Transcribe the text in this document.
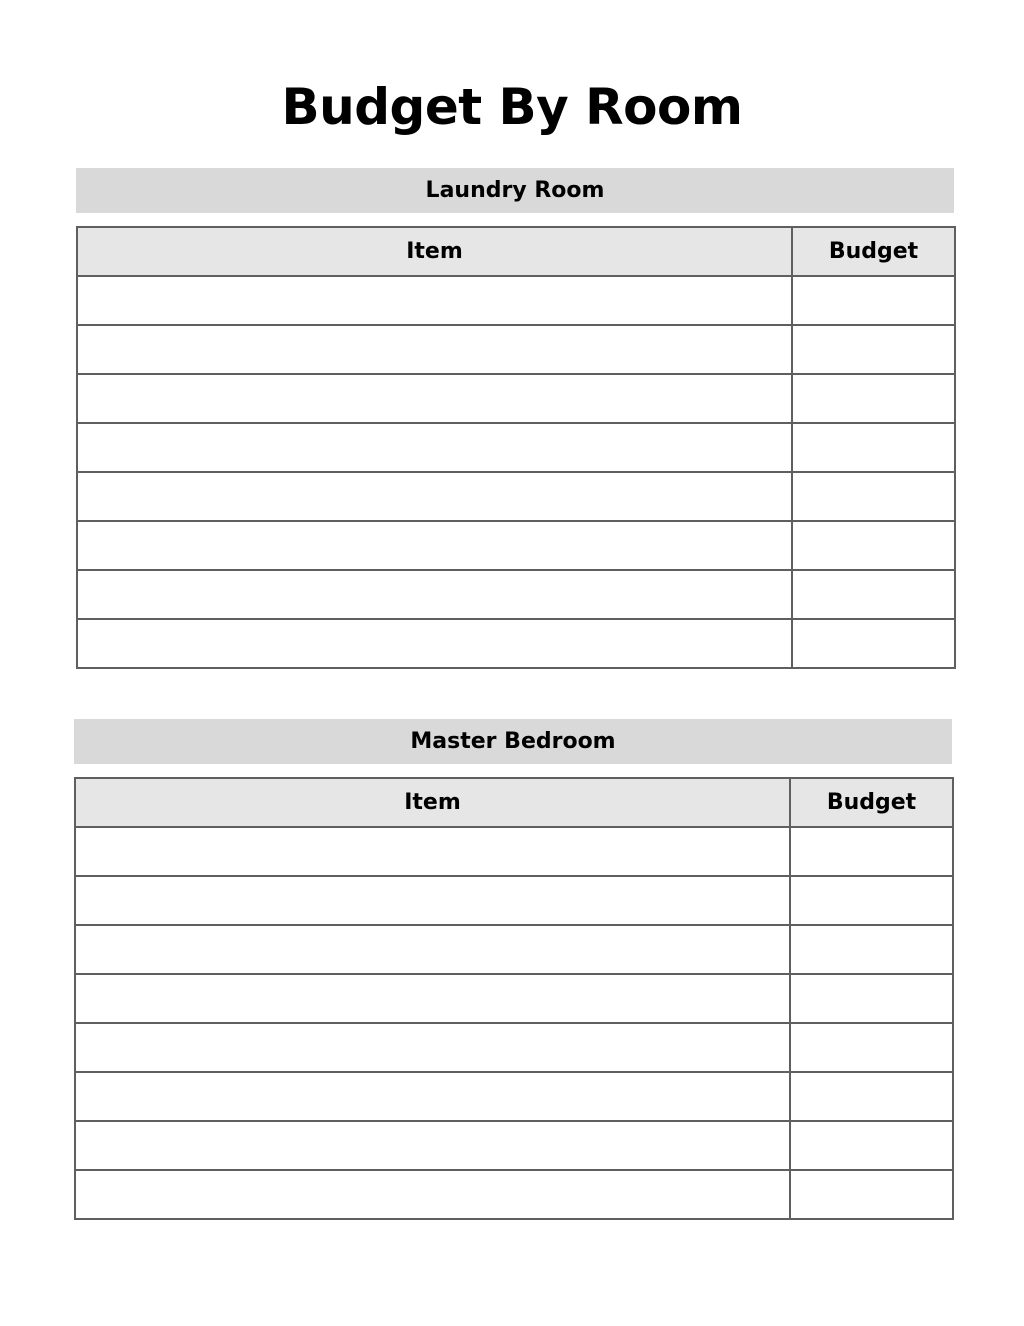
Budget By Room
Laundry Room
Item	Budget

Master Bedroom
Item	Budget
